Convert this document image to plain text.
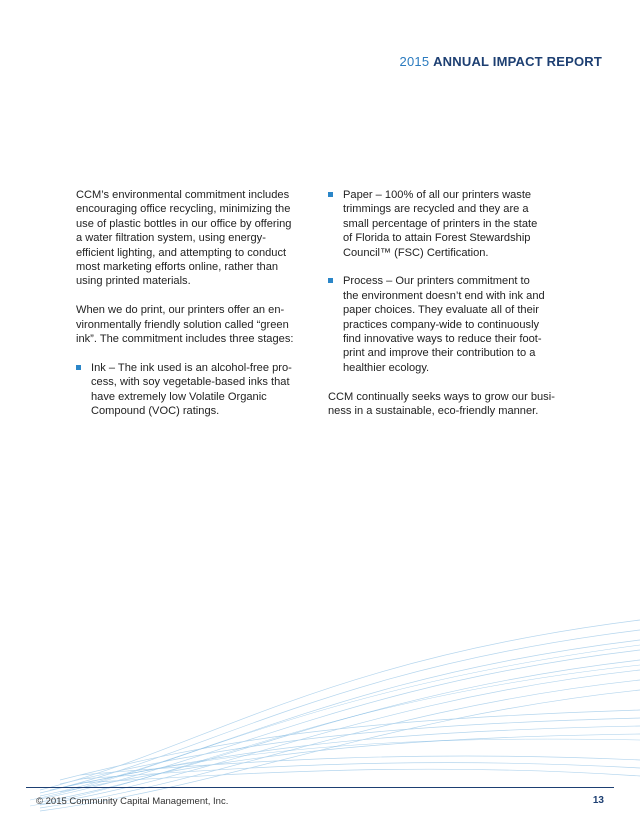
2015 ANNUAL IMPACT REPORT

CCM’s environmental commitment includes
encouraging office recycling, minimizing the
use of plastic bottles in our office by offering
a water filtration system, using energy-
efficient lighting, and attempting to conduct
most marketing efforts online, rather than
using printed materials.

When we do print, our printers offer an en-
vironmentally friendly solution called “green
ink”. The commitment includes three stages:

Ink – The ink used is an alcohol-free pro-
cess, with soy vegetable-based inks that
have extremely low Volatile Organic
Compound (VOC) ratings.
Paper – 100% of all our printers waste
trimmings are recycled and they are a
small percentage of printers in the state
of Florida to attain Forest Stewardship
Council™ (FSC) Certification.
Process – Our printers commitment to
the environment doesn’t end with ink and
paper choices. They evaluate all of their
practices company-wide to continuously
find innovative ways to reduce their foot-
print and improve their contribution to a
healthier ecology.

CCM continually seeks ways to grow our busi-
ness in a sustainable, eco-friendly manner.

© 2015 Community Capital Management, Inc.	13
